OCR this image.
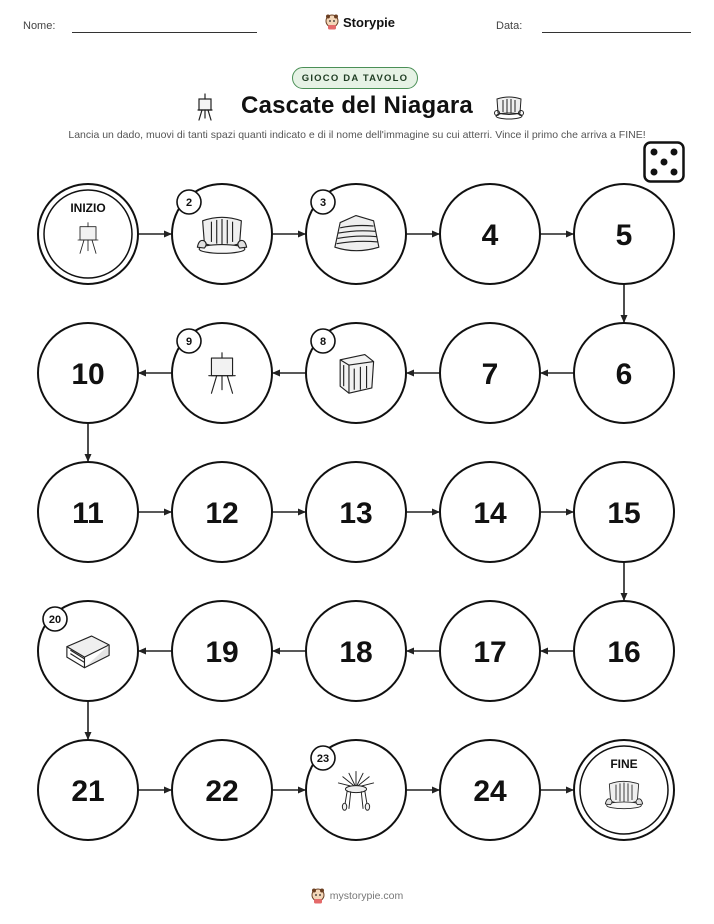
Nome:	Storypie	Data:
GIOCO DA TAVOLO
Cascate del Niagara
Lancia un dado, muovi di tanti spazi quanti indicato e di il nome dell'immagine su cui atterri. Vince il primo che arriva a FINE!
INIZIO	2	3
4	5
6
7
8
9
10
11	12	13	14	15
16
17
18
19
20
21	22
23
24
FINE
mystorypie.com
